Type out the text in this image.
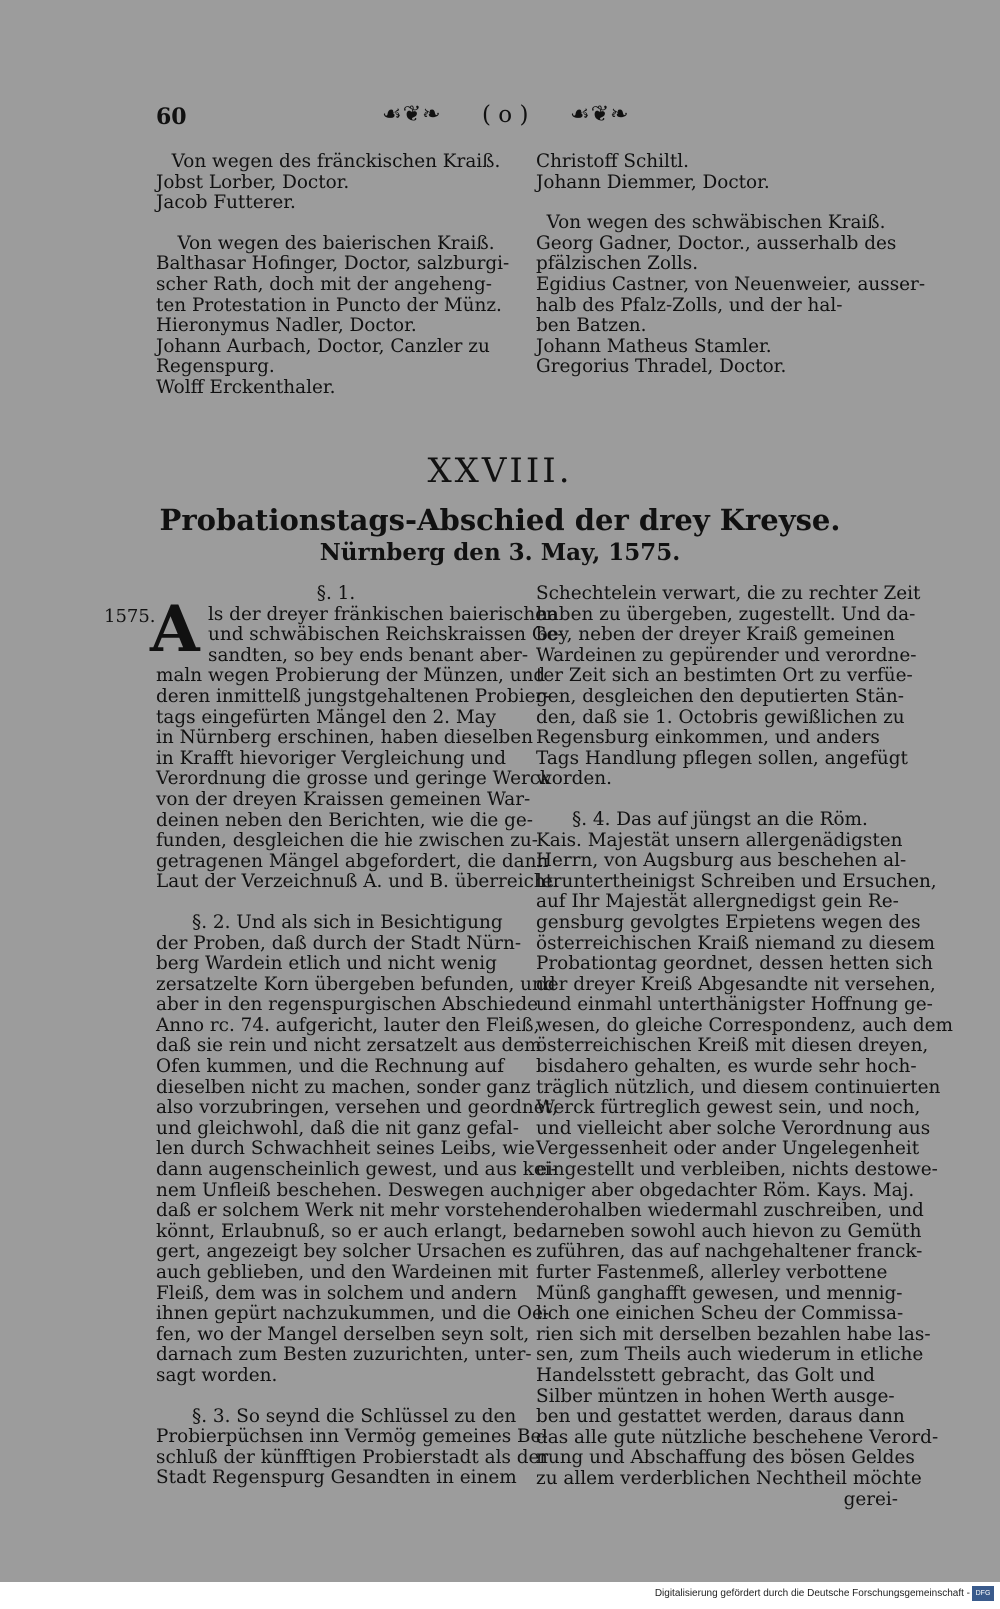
60	☙❦❧ ( o ) ☙❦❧
Von wegen des fränckischen Kraiß.
Jobst Lorber, Doctor.
Jacob Futterer.
Von wegen des baierischen Kraiß.
Balthasar Hofinger, Doctor, salzburgi-
scher Rath, doch mit der angeheng-
ten Protestation in Puncto der Münz.
Hieronymus Nadler, Doctor.
Johann Aurbach, Doctor, Canzler zu
Regenspurg.
Wolff Erckenthaler.
Christoff Schiltl.
Johann Diemmer, Doctor.
Von wegen des schwäbischen Kraiß.
Georg Gadner, Doctor., ausserhalb des
pfälzischen Zolls.
Egidius Castner, von Neuenweier, ausser-
halb des Pfalz-Zolls, und der hal-
ben Batzen.
Johann Matheus Stamler.
Gregorius Thradel, Doctor.
XXVIII.
Probationstags-Abschied der drey Kreyse.
Nürnberg den 3. May, 1575.
1575.
A	§. 1.
ls der dreyer fränkischen baierischen
und schwäbischen Reichskraissen Ge-
sandten, so bey ends benant aber-
maln wegen Probierung der Münzen, und
deren inmittelß jungstgehaltenen Probier-
tags eingefürten Mängel den 2. May
in Nürnberg erschinen, haben dieselben
in Krafft hievoriger Vergleichung und
Verordnung die grosse und geringe Werck
von der dreyen Kraissen gemeinen War-
deinen neben den Berichten, wie die ge-
funden, desgleichen die hie zwischen zu-
getragenen Mängel abgefordert, die dann
Laut der Verzeichnuß A. und B. überreicht.
§. 2. Und als sich in Besichtigung
der Proben, daß durch der Stadt Nürn-
berg Wardein etlich und nicht wenig
zersatzelte Korn übergeben befunden, und
aber in den regenspurgischen Abschiede
Anno rc. 74. aufgericht, lauter den Fleiß,
daß sie rein und nicht zersatzelt aus dem
Ofen kummen, und die Rechnung auf
dieselben nicht zu machen, sonder ganz
also vorzubringen, versehen und geordnet,
und gleichwohl, daß die nit ganz gefal-
len durch Schwachheit seines Leibs, wie
dann augenscheinlich gewest, und aus kei-
nem Unfleiß beschehen. Deswegen auch,
daß er solchem Werk nit mehr vorstehen
könnt, Erlaubnuß, so er auch erlangt, be-
gert, angezeigt bey solcher Ursachen es
auch geblieben, und den Wardeinen mit
Fleiß, dem was in solchem und andern
ihnen gepürt nachzukummen, und die Oe-
fen, wo der Mangel derselben seyn solt,
darnach zum Besten zuzurichten, unter-
sagt worden.
§. 3. So seynd die Schlüssel zu den
Probierpüchsen inn Vermög gemeines Be-
schluß der künfftigen Probierstadt als der
Stadt Regenspurg Gesandten in einem
Schechtelein verwart, die zu rechter Zeit
haben zu übergeben, zugestellt. Und da-
bey, neben der dreyer Kraiß gemeinen
Wardeinen zu gepürender und verordne-
ter Zeit sich an bestimten Ort zu verfüe-
gen, desgleichen den deputierten Stän-
den, daß sie 1. Octobris gewißlichen zu
Regensburg einkommen, und anders
Tags Handlung pflegen sollen, angefügt
worden.
§. 4. Das auf jüngst an die Röm.
Kais. Majestät unsern allergenädigsten
Herrn, von Augsburg aus beschehen al-
leruntertheinigst Schreiben und Ersuchen,
auf Ihr Majestät allergnedigst gein Re-
gensburg gevolgtes Erpietens wegen des
österreichischen Kraiß niemand zu diesem
Probationtag geordnet, dessen hetten sich
der dreyer Kreiß Abgesandte nit versehen,
und einmahl unterthänigster Hoffnung ge-
wesen, do gleiche Correspondenz, auch dem
österreichischen Kreiß mit diesen dreyen,
bisdahero gehalten, es wurde sehr hoch-
träglich nützlich, und diesem continuierten
Werck fürtreglich gewest sein, und noch,
und vielleicht aber solche Verordnung aus
Vergessenheit oder ander Ungelegenheit
eingestellt und verbleiben, nichts destowe-
niger aber obgedachter Röm. Kays. Maj.
derohalben wiedermahl zuschreiben, und
darneben sowohl auch hievon zu Gemüth
zuführen, das auf nachgehaltener franck-
furter Fastenmeß, allerley verbottene
Münß ganghafft gewesen, und mennig-
lich one einichen Scheu der Commissa-
rien sich mit derselben bezahlen habe las-
sen, zum Theils auch wiederum in etliche
Handelsstett gebracht, das Golt und
Silber müntzen in hohen Werth ausge-
ben und gestattet werden, daraus dann
das alle gute nützliche beschehene Verord-
nung und Abschaffung des bösen Geldes
zu allem verderblichen Nechtheil möchte
gerei-
Digitalisierung gefördert durch die Deutsche Forschungsgemeinschaft - DFG
